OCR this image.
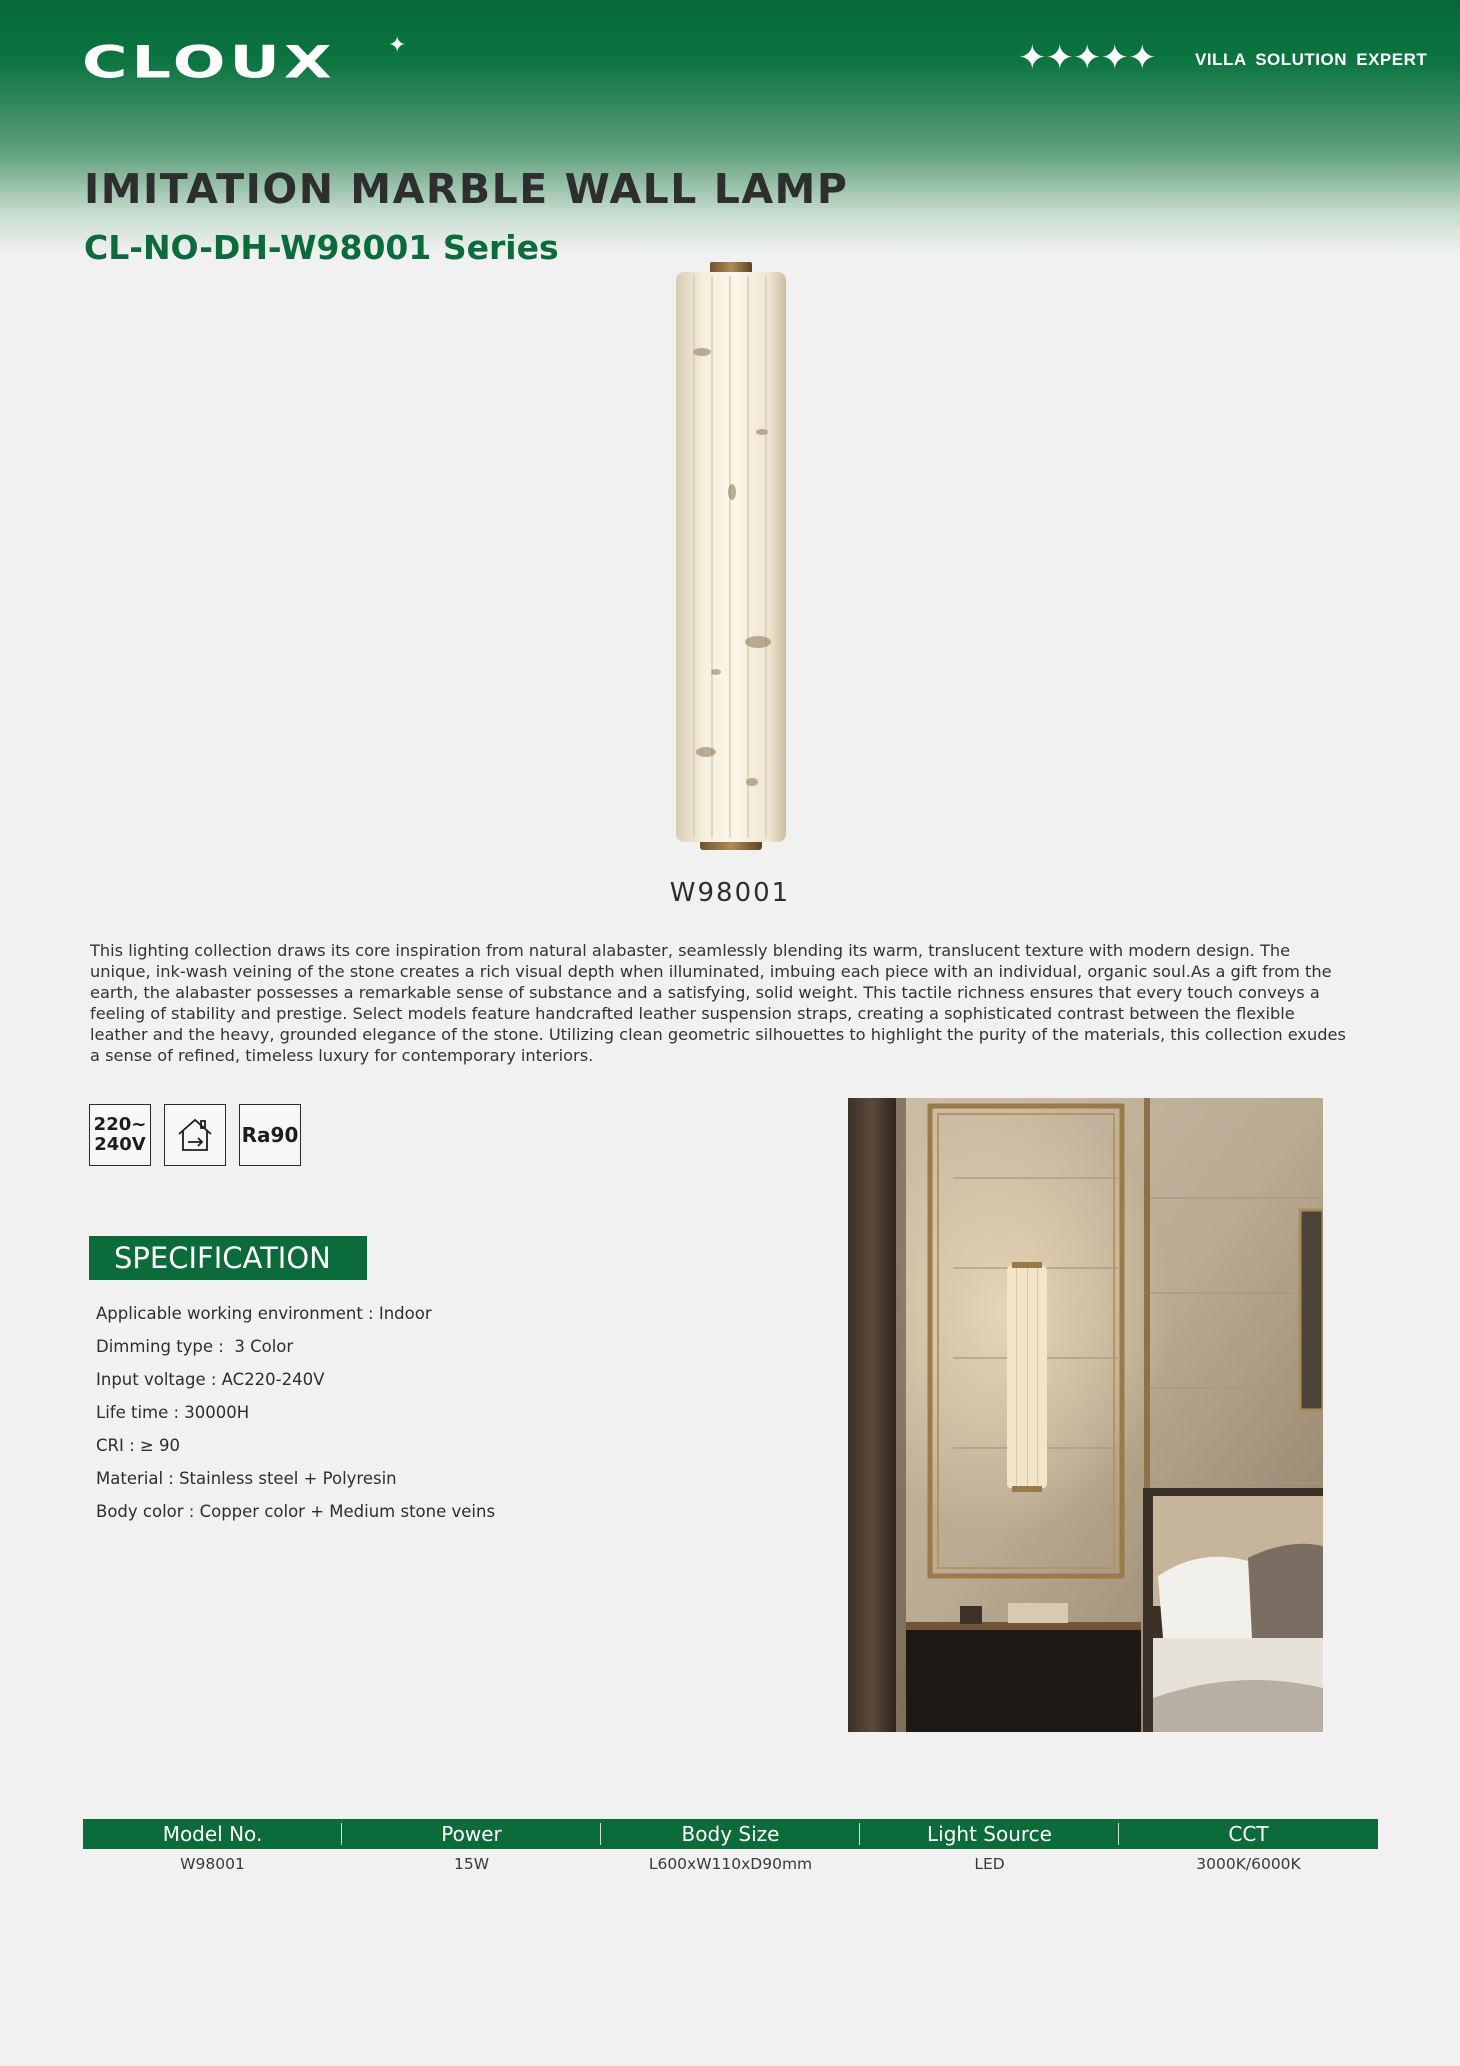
CLOUX ✦	✦✦✦✦✦ VILLA SOLUTION EXPERT
IMITATION MARBLE WALL LAMP
CL-NO-DH-W98001 Series
W98001

This lighting collection draws its core inspiration from natural alabaster, seamlessly blending its warm, translucent texture with modern design. The unique, ink-wash veining of the stone creates a rich visual depth when illuminated, imbuing each piece with an individual, organic soul.As a gift from the earth, the alabaster possesses a remarkable sense of substance and a satisfying, solid weight. This tactile richness ensures that every touch conveys a feeling of stability and prestige. Select models feature handcrafted leather suspension straps, creating a sophisticated contrast between the flexible leather and the heavy, grounded elegance of the stone. Utilizing clean geometric silhouettes to highlight the purity of the materials, this collection exudes a sense of refined, timeless luxury for contemporary interiors.

220~
240V	Ra90
SPECIFICATION
Applicable working environment : Indoor
Dimming type :  3 Color
Input voltage : AC220-240V
Life time : 30000H
CRI : ≥ 90
Material : Stainless steel + Polyresin
Body color : Copper color + Medium stone veins
Model No.	Power	Body Size	Light Source	CCT
W98001	15W	L600xW110xD90mm	LED	3000K/6000K
